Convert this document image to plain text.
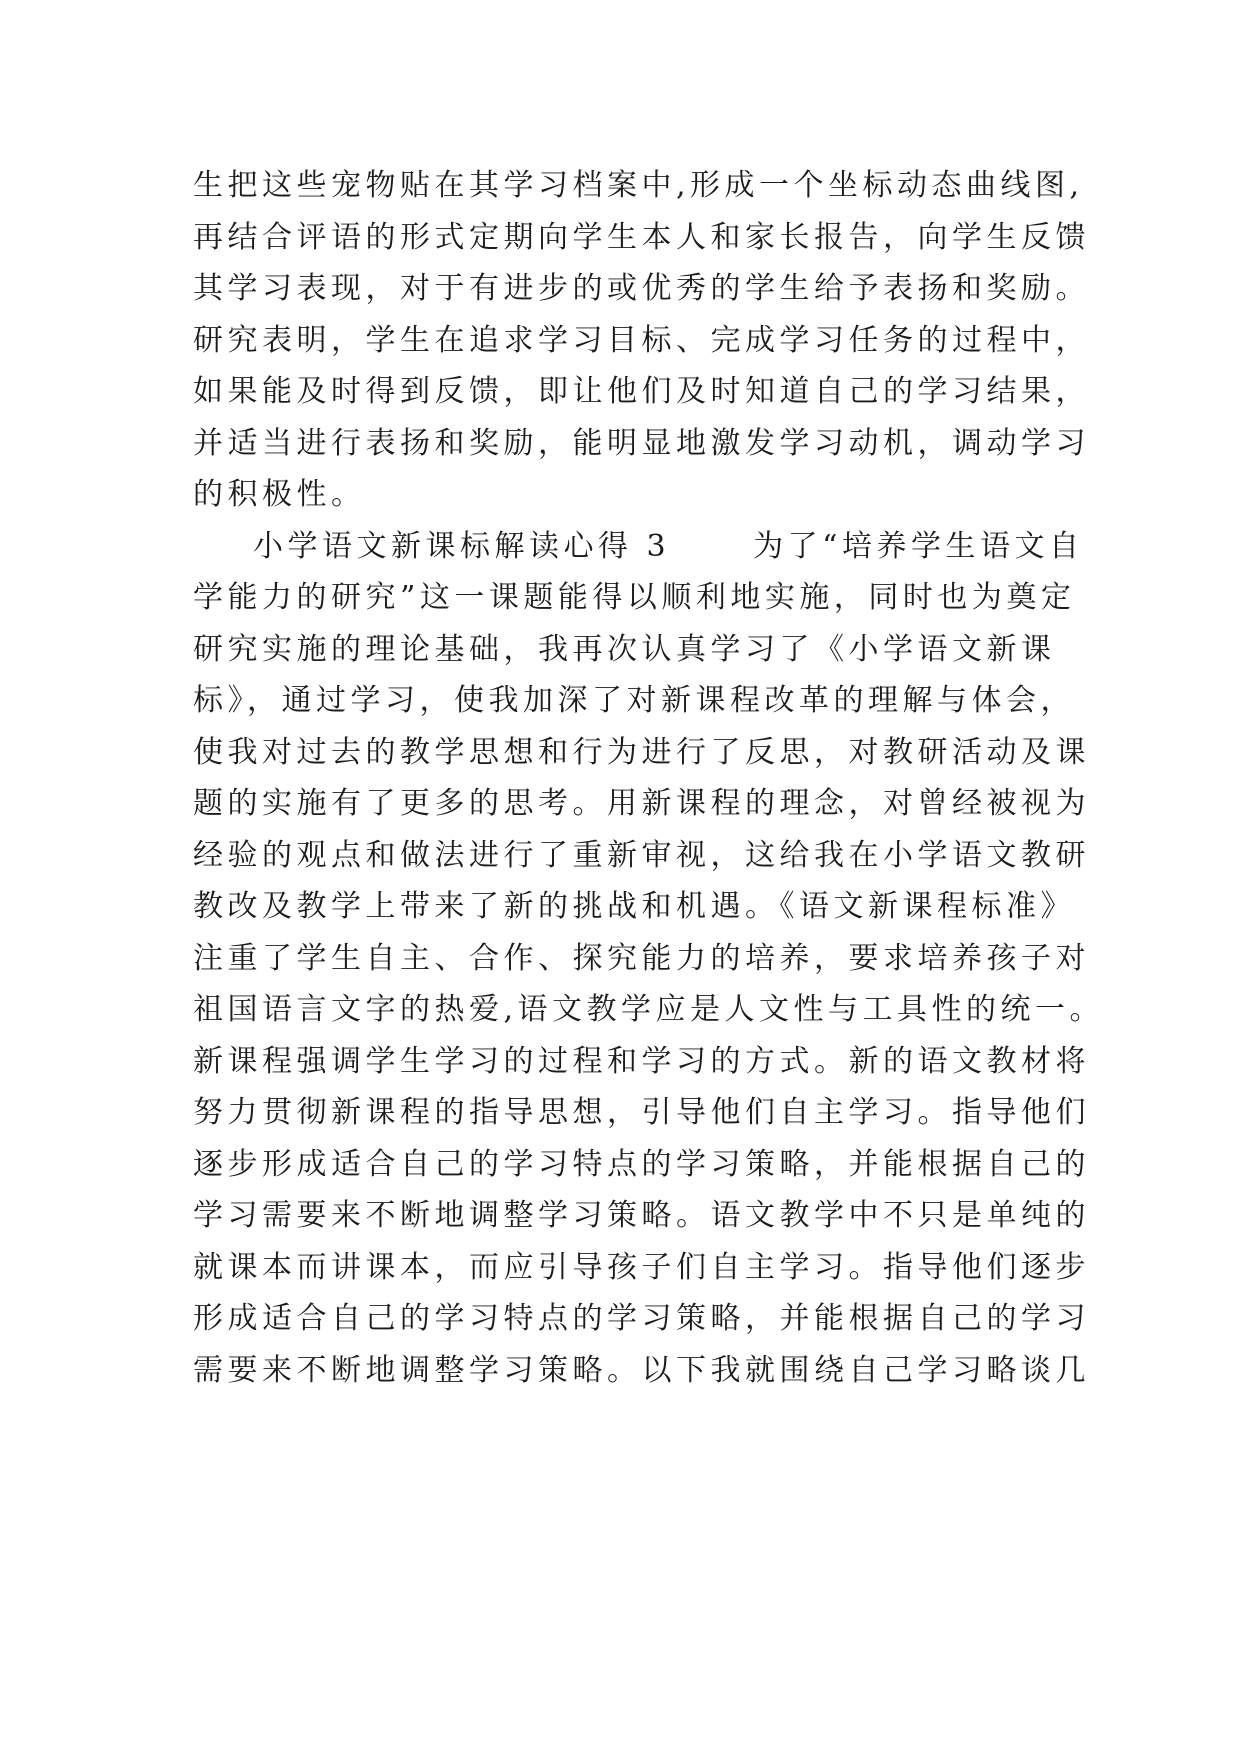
生把这些宠物贴在其学习档案中,形成一个坐标动态曲线图,
再结合评语的形式定期向学生本人和家长报告，向学生反馈
其学习表现，对于有进步的或优秀的学生给予表扬和奖励。
研究表明，学生在追求学习目标、完成学习任务的过程中，
如果能及时得到反馈，即让他们及时知道自己的学习结果，
并适当进行表扬和奖励，能明显地激发学习动机，调动学习
的积极性。
小学语文新课标解读心得 3　　 为了“培养学生语文自
学能力的研究”这一课题能得以顺利地实施，同时也为奠定
研究实施的理论基础，我再次认真学习了《小学语文新课
标》，通过学习，使我加深了对新课程改革的理解与体会，
使我对过去的教学思想和行为进行了反思，对教研活动及课
题的实施有了更多的思考。用新课程的理念，对曾经被视为
经验的观点和做法进行了重新审视，这给我在小学语文教研
教改及教学上带来了新的挑战和机遇。《语文新课程标准》
注重了学生自主、合作、探究能力的培养，要求培养孩子对
祖国语言文字的热爱,语文教学应是人文性与工具性的统一。
新课程强调学生学习的过程和学习的方式。新的语文教材将
努力贯彻新课程的指导思想，引导他们自主学习。指导他们
逐步形成适合自己的学习特点的学习策略，并能根据自己的
学习需要来不断地调整学习策略。语文教学中不只是单纯的
就课本而讲课本，而应引导孩子们自主学习。指导他们逐步
形成适合自己的学习特点的学习策略，并能根据自己的学习
需要来不断地调整学习策略。以下我就围绕自己学习略谈几
